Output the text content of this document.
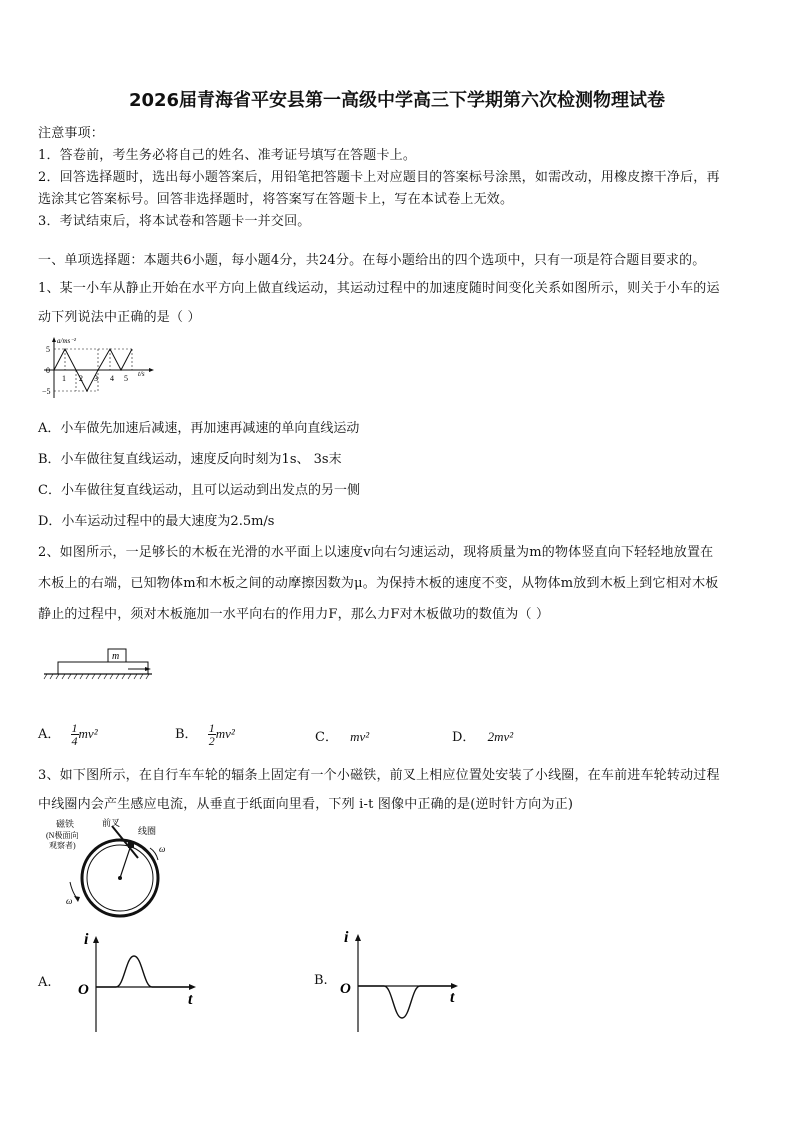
2026届青海省平安县第一高级中学高三下学期第六次检测物理试卷
注意事项：
1．答卷前，考生务必将自己的姓名、准考证号填写在答题卡上。
2．回答选择题时，选出每小题答案后，用铅笔把答题卡上对应题目的答案标号涂黑，如需改动，用橡皮擦干净后，再
选涂其它答案标号。回答非选择题时，将答案写在答题卡上，写在本试卷上无效。
3．考试结束后，将本试卷和答题卡一并交回。
一、单项选择题：本题共6小题，每小题4分，共24分。在每小题给出的四个选项中，只有一项是符合题目要求的。
1、某一小车从静止开始在水平方向上做直线运动，其运动过程中的加速度随时间变化关系如图所示，则关于小车的运
动下列说法中正确的是（ ）
a/ms⁻²
t/s
5
0
−5
1 2 3 4 5
A．小车做先加速后减速，再加速再减速的单向直线运动
B．小车做往复直线运动，速度反向时刻为1s、 3s末
C．小车做往复直线运动，且可以运动到出发点的另一侧
D．小车运动过程中的最大速度为2.5m/s
2、如图所示，一足够长的木板在光滑的水平面上以速度v向右匀速运动，现将质量为m的物体竖直向下轻轻地放置在
木板上的右端，已知物体m和木板之间的动摩擦因数为μ。为保持木板的速度不变，从物体m放到木板上到它相对木板
静止的过程中，须对木板施加一水平向右的作用力F，那么力F对木板做功的数值为（ ）
m
A． $\frac{1}{4} mv^2$	B． $\frac{1}{2} mv^2$	C． mv²	D． 2mv²
3、如下图所示，在自行车车轮的辐条上固定有一个小磁铁，前叉上相应位置处安装了小线圈，在车前进车轮转动过程
中线圈内会产生感应电流，从垂直于纸面向里看，下列 i-t 图像中正确的是(逆时针方向为正)
磁铁
(N极面向
观察者)
前叉
线圈
ω
ω
A.
i
O
t
B.
i
O	t
